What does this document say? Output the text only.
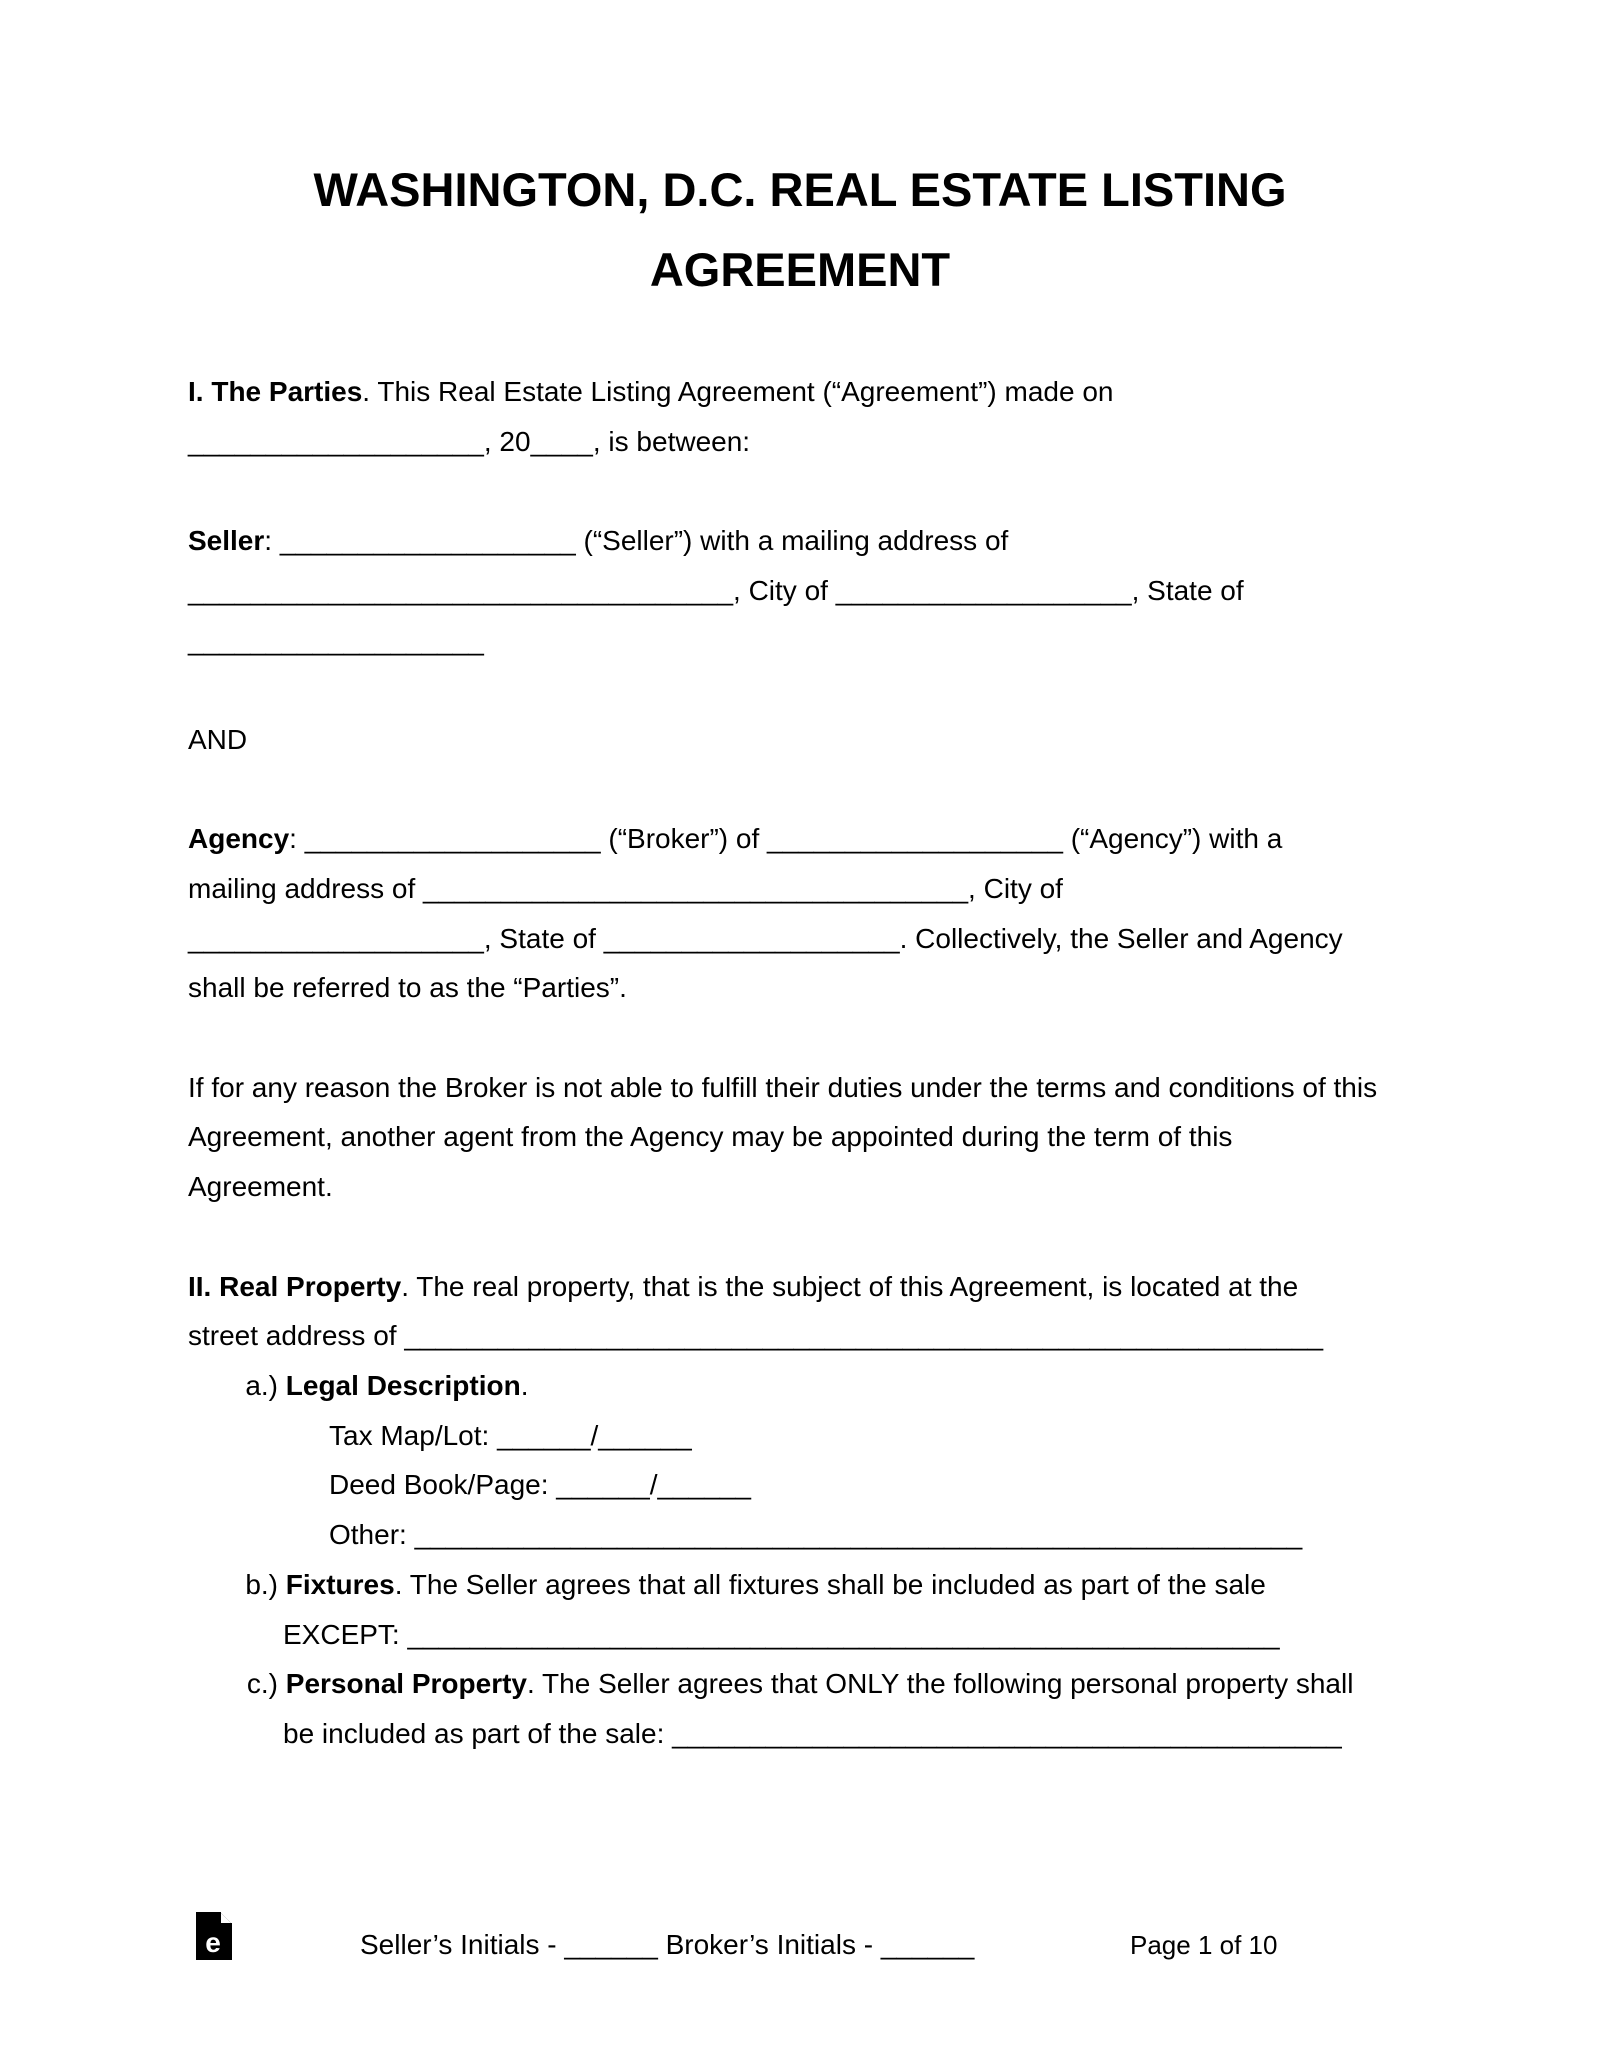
WASHINGTON, D.C. REAL ESTATE LISTING
AGREEMENT
I. The Parties. This Real Estate Listing Agreement (“Agreement”) made on
___________________, 20____, is between:
Seller: ___________________ (“Seller”) with a mailing address of
___________________________________, City of ___________________, State of
___________________
AND
Agency: ___________________ (“Broker”) of ___________________ (“Agency”) with a
mailing address of ___________________________________, City of
___________________, State of ___________________. Collectively, the Seller and Agency
shall be referred to as the “Parties”.
If for any reason the Broker is not able to fulfill their duties under the terms and conditions of this
Agreement, another agent from the Agency may be appointed during the term of this
Agreement.
II. Real Property. The real property, that is the subject of this Agreement, is located at the
street address of ___________________________________________________________
a.) Legal Description.
Tax Map/Lot: ______/______
Deed Book/Page: ______/______
Other: _________________________________________________________
b.) Fixtures. The Seller agrees that all fixtures shall be included as part of the sale
EXCEPT: ________________________________________________________
c.) Personal Property. The Seller agrees that ONLY the following personal property shall
be included as part of the sale: ___________________________________________
e	Seller’s Initials - ______ Broker’s Initials - ______	Page 1 of 10
